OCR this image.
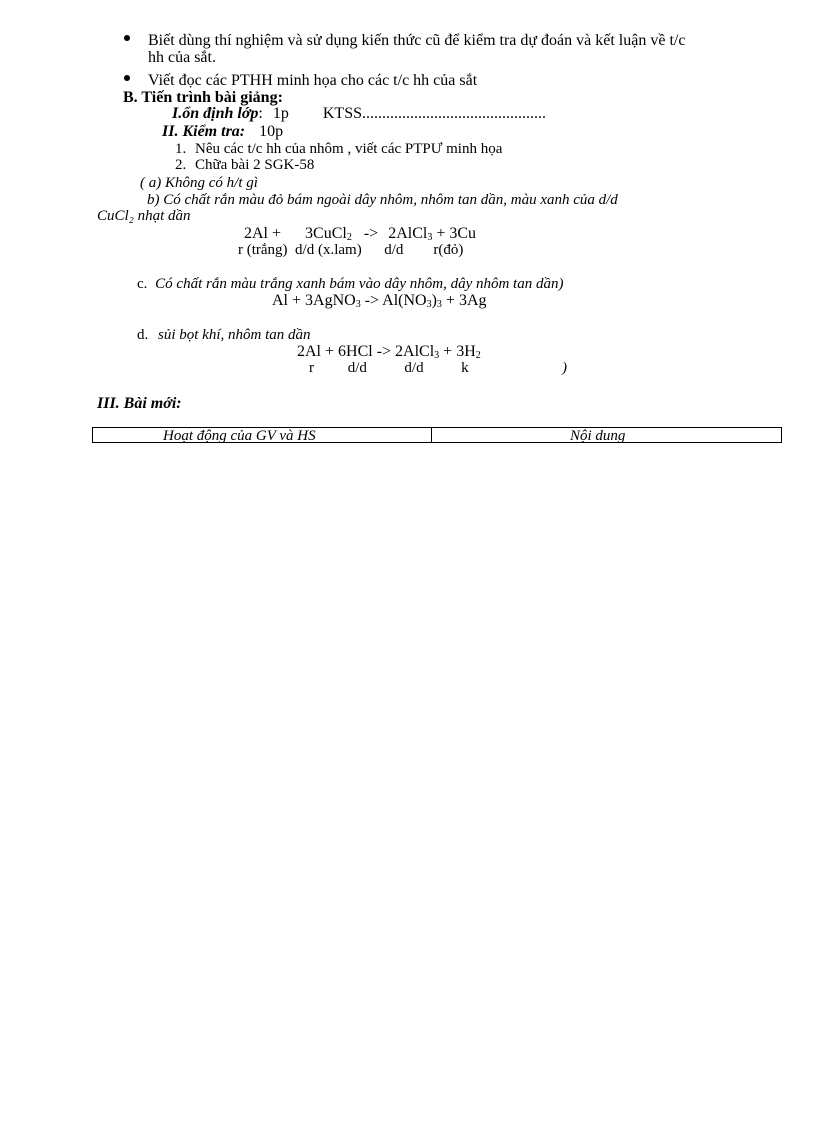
Biết dùng thí nghiệm và sử dụng kiến thức cũ để kiểm tra dự đoán và kết luận về t/c
hh của sắt.
Viết đọc các PTHH minh họa cho các t/c hh của sắt
B. Tiến trình bài giảng:
I.ổn định lớp: 1p KTSS..............................................
II. Kiểm tra: 10p
1. Nêu các t/c hh của nhôm , viết các PTPƯ minh họa
2. Chữa bài 2 SGK-58
( a) Không có h/t gì
b) Có chất rắn màu đỏ bám ngoài dây nhôm, nhôm tan dần, màu xanh của d/d
CuCl₂ nhạt dần
2Al + 3CuCl$_2$ -> 2AlCl$_3$ + 3Cu
r (trắng)  d/d (x.lam)      d/d        r(đỏ)
c. Có chất rắn màu trắng xanh bám vào dây nhôm, dây nhôm tan dần)
Al + 3AgNO$_3$ -> $Al(NO_3)_3 + 3Ag$
d. sủi bọt khí, nhôm tan dần
2Al + 6HCl -> 2AlCl$_3$ + $3H_2$
r         d/d          d/d          k	)
III. Bài mới:
Hoạt động của GV và HS	Nội dung
